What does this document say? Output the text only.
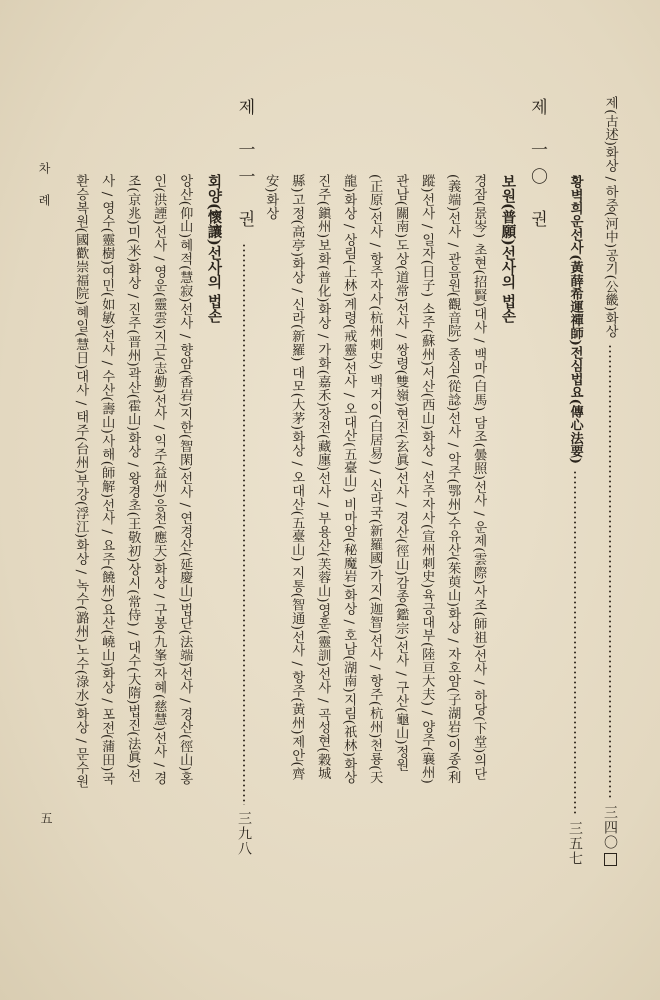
제(古述)화상 / 하중(河中)공기(公畿)화상
三四〇
황벽희운선사(黃薛希運禪師)전심법요(傳心法要)
三五七
제 一〇 권
보원(普願)선사의 법손
경잠(景岑) 초현(招賢)대사 / 백마(白馬) 담조(曇照)선사 / 운제(雲際)사조(師祖)선사 / 하당(下堂)의단
(義端)선사 / 관음원(觀音院) 종심(從諗)선사 / 악주(鄂州)수유산(茱萸山)화상 / 자호암(子湖岩)이종(利
蹤)선사 / 일자(日子) 소주(蘇州)서산(西山)화상 / 선주자사(宣州刺史)육긍대부(陸亘大夫) / 양주(襄州)
관남(關南)도상(道常)선사 / 쌍령(雙嶺)현진(玄眞)선사 / 경산(徑山)감종(鑑宗)선사 / 구산(龜山)정원
(正原)선사 / 항주자사(杭州刺史) 백거이(白居易) / 신라국(新羅國)가지(迦智)선사 / 항주(杭州)천룡(天
龍)화상 / 상림(上林)계령(戒靈)선사 / 오대산(五臺山) 비마암(秘魔岩)화상 / 호남(湖南)지림(祇林)화상
진주(鎭州)보화(普化)화상 / 가화(嘉禾)장전(藏廛)선사 / 부용산(芙蓉山)영훈(靈訓)선사 / 곡성현(穀城
縣)고정(高亭)화상 / 신라(新羅) 대모(大茅)화상 / 오대산(五臺山) 지통(智通)선사 / 항주(黃州)제안(齊
安)화상
제 一一 권
三九八
회양(懷讓)선사의 법손
앙산(仰山)혜적(慧寂)선사 / 향암(香岩)지한(智閑)선사 / 연경산(延慶山)법단(法端)선사 / 경산(徑山)홍
인(洪諲)선사 / 영운(靈雲)지근(志勤)선사 / 익주(益州)응천(應天)화상 / 구봉(九峯)자혜(慈慧)선사 / 경
조(京兆)미(米)화상 / 진주(晋州)곽산(霍山)화상 / 왕경초(王敬初)상시(常侍) / 대수(大隋)법진(法眞)선
사 / 영수(靈樹)여민(如敏)선사 / 수산(壽山)사해(師解)선사 / 요주(饒州)요산(嶢山)화상 / 포전(蒲田)국
환승복원(國歡崇福院)혜일(慧日)대사 / 태주(台州)부강(浮江)화상 / 녹수(潞州)노수(淥水)화상 / 문수원
차 례
五
